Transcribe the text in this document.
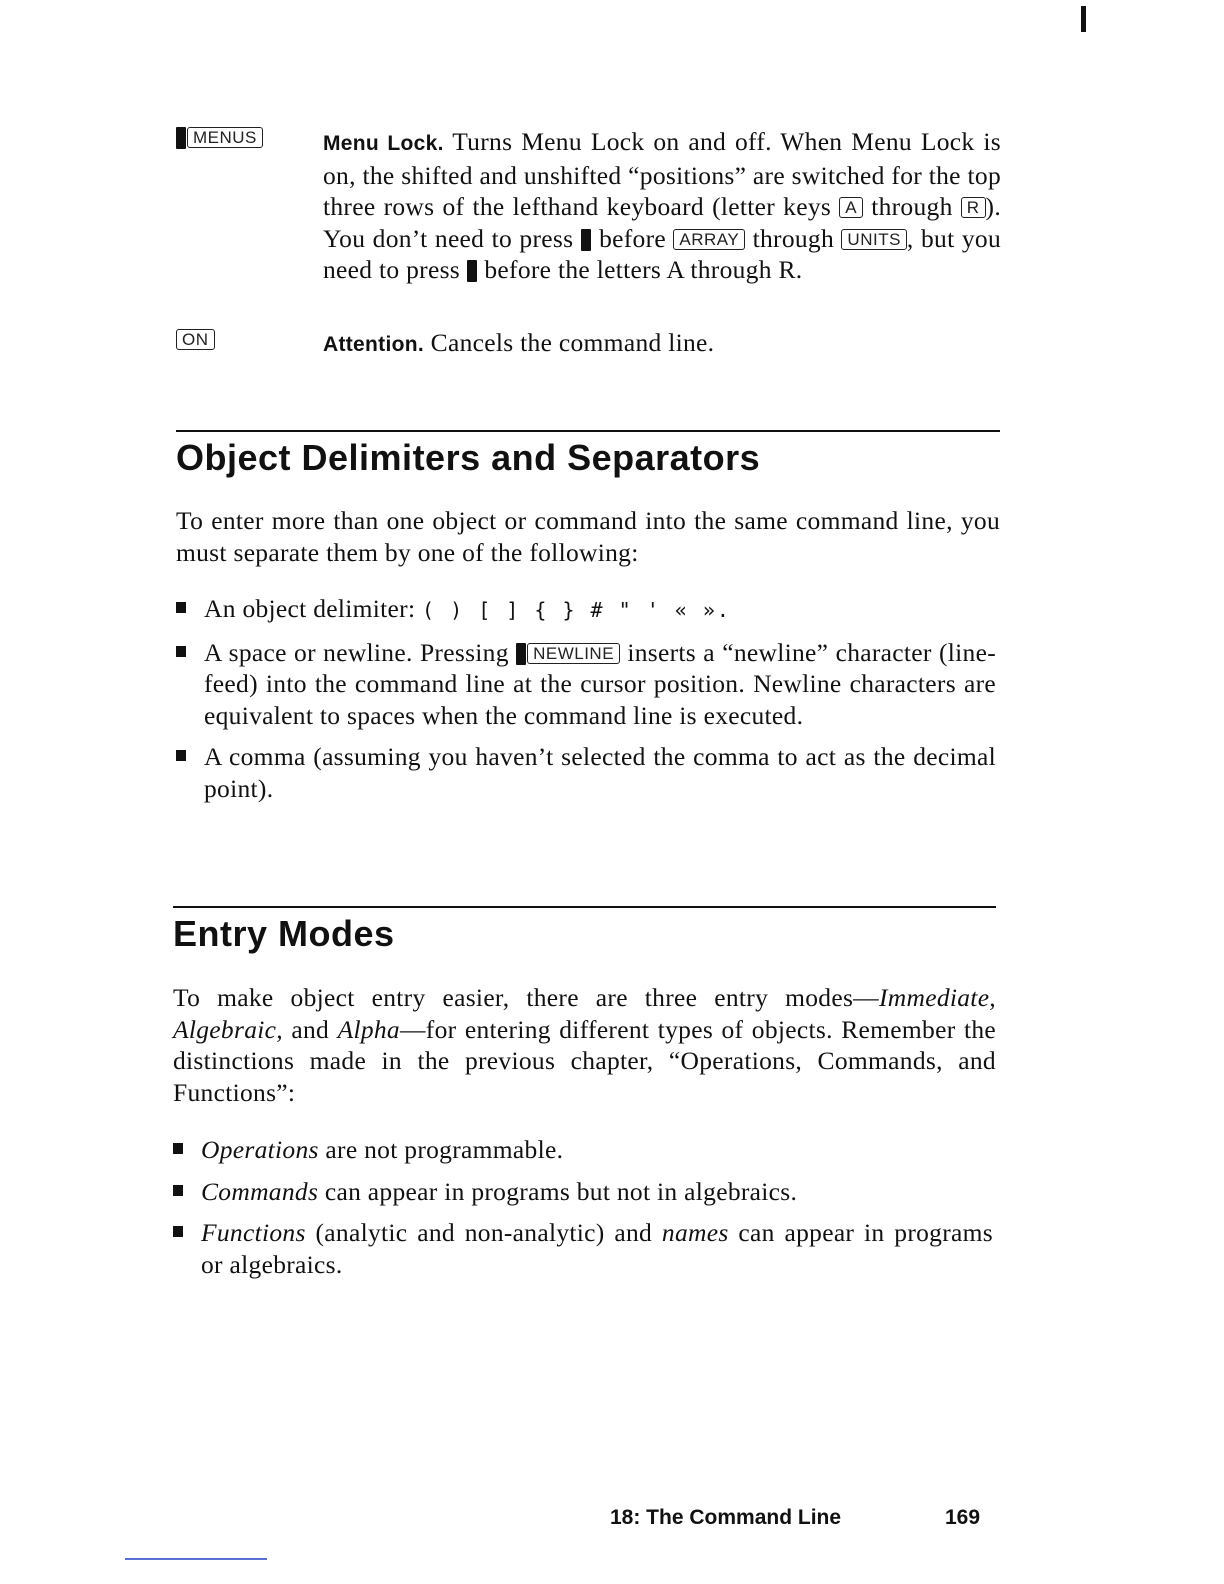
MENUS	Menu Lock. Turns Menu Lock on and off. When Menu Lock is on, the shifted and unshifted “positions” are switched for the top three rows of the lefthand keyboard (letter keys A through R ). You don’t need to press  before ARRAY through UNITS , but you need to press  before the letters A through R.
ON	Attention. Cancels the command line.
Object Delimiters and Separators
To enter more than one object or command into the same command line, you must separate them by one of the following:
An object delimiter: ( ) [ ] { } # " ' « ».
A space or newline. Pressing NEWLINE inserts a “newline” character (line-feed) into the command line at the cursor position. Newline characters are equivalent to spaces when the command line is executed.
A comma (assuming you haven’t selected the comma to act as the decimal point).
Entry Modes
To make object entry easier, there are three entry modes—Immediate, Algebraic, and Alpha—for entering different types of objects. Remember the distinctions made in the previous chapter, “Operations, Commands, and Functions”:
Operations are not programmable.
Commands can appear in programs but not in algebraics.
Functions (analytic and non-analytic) and names can appear in programs or algebraics.
18: The Command Line	169
